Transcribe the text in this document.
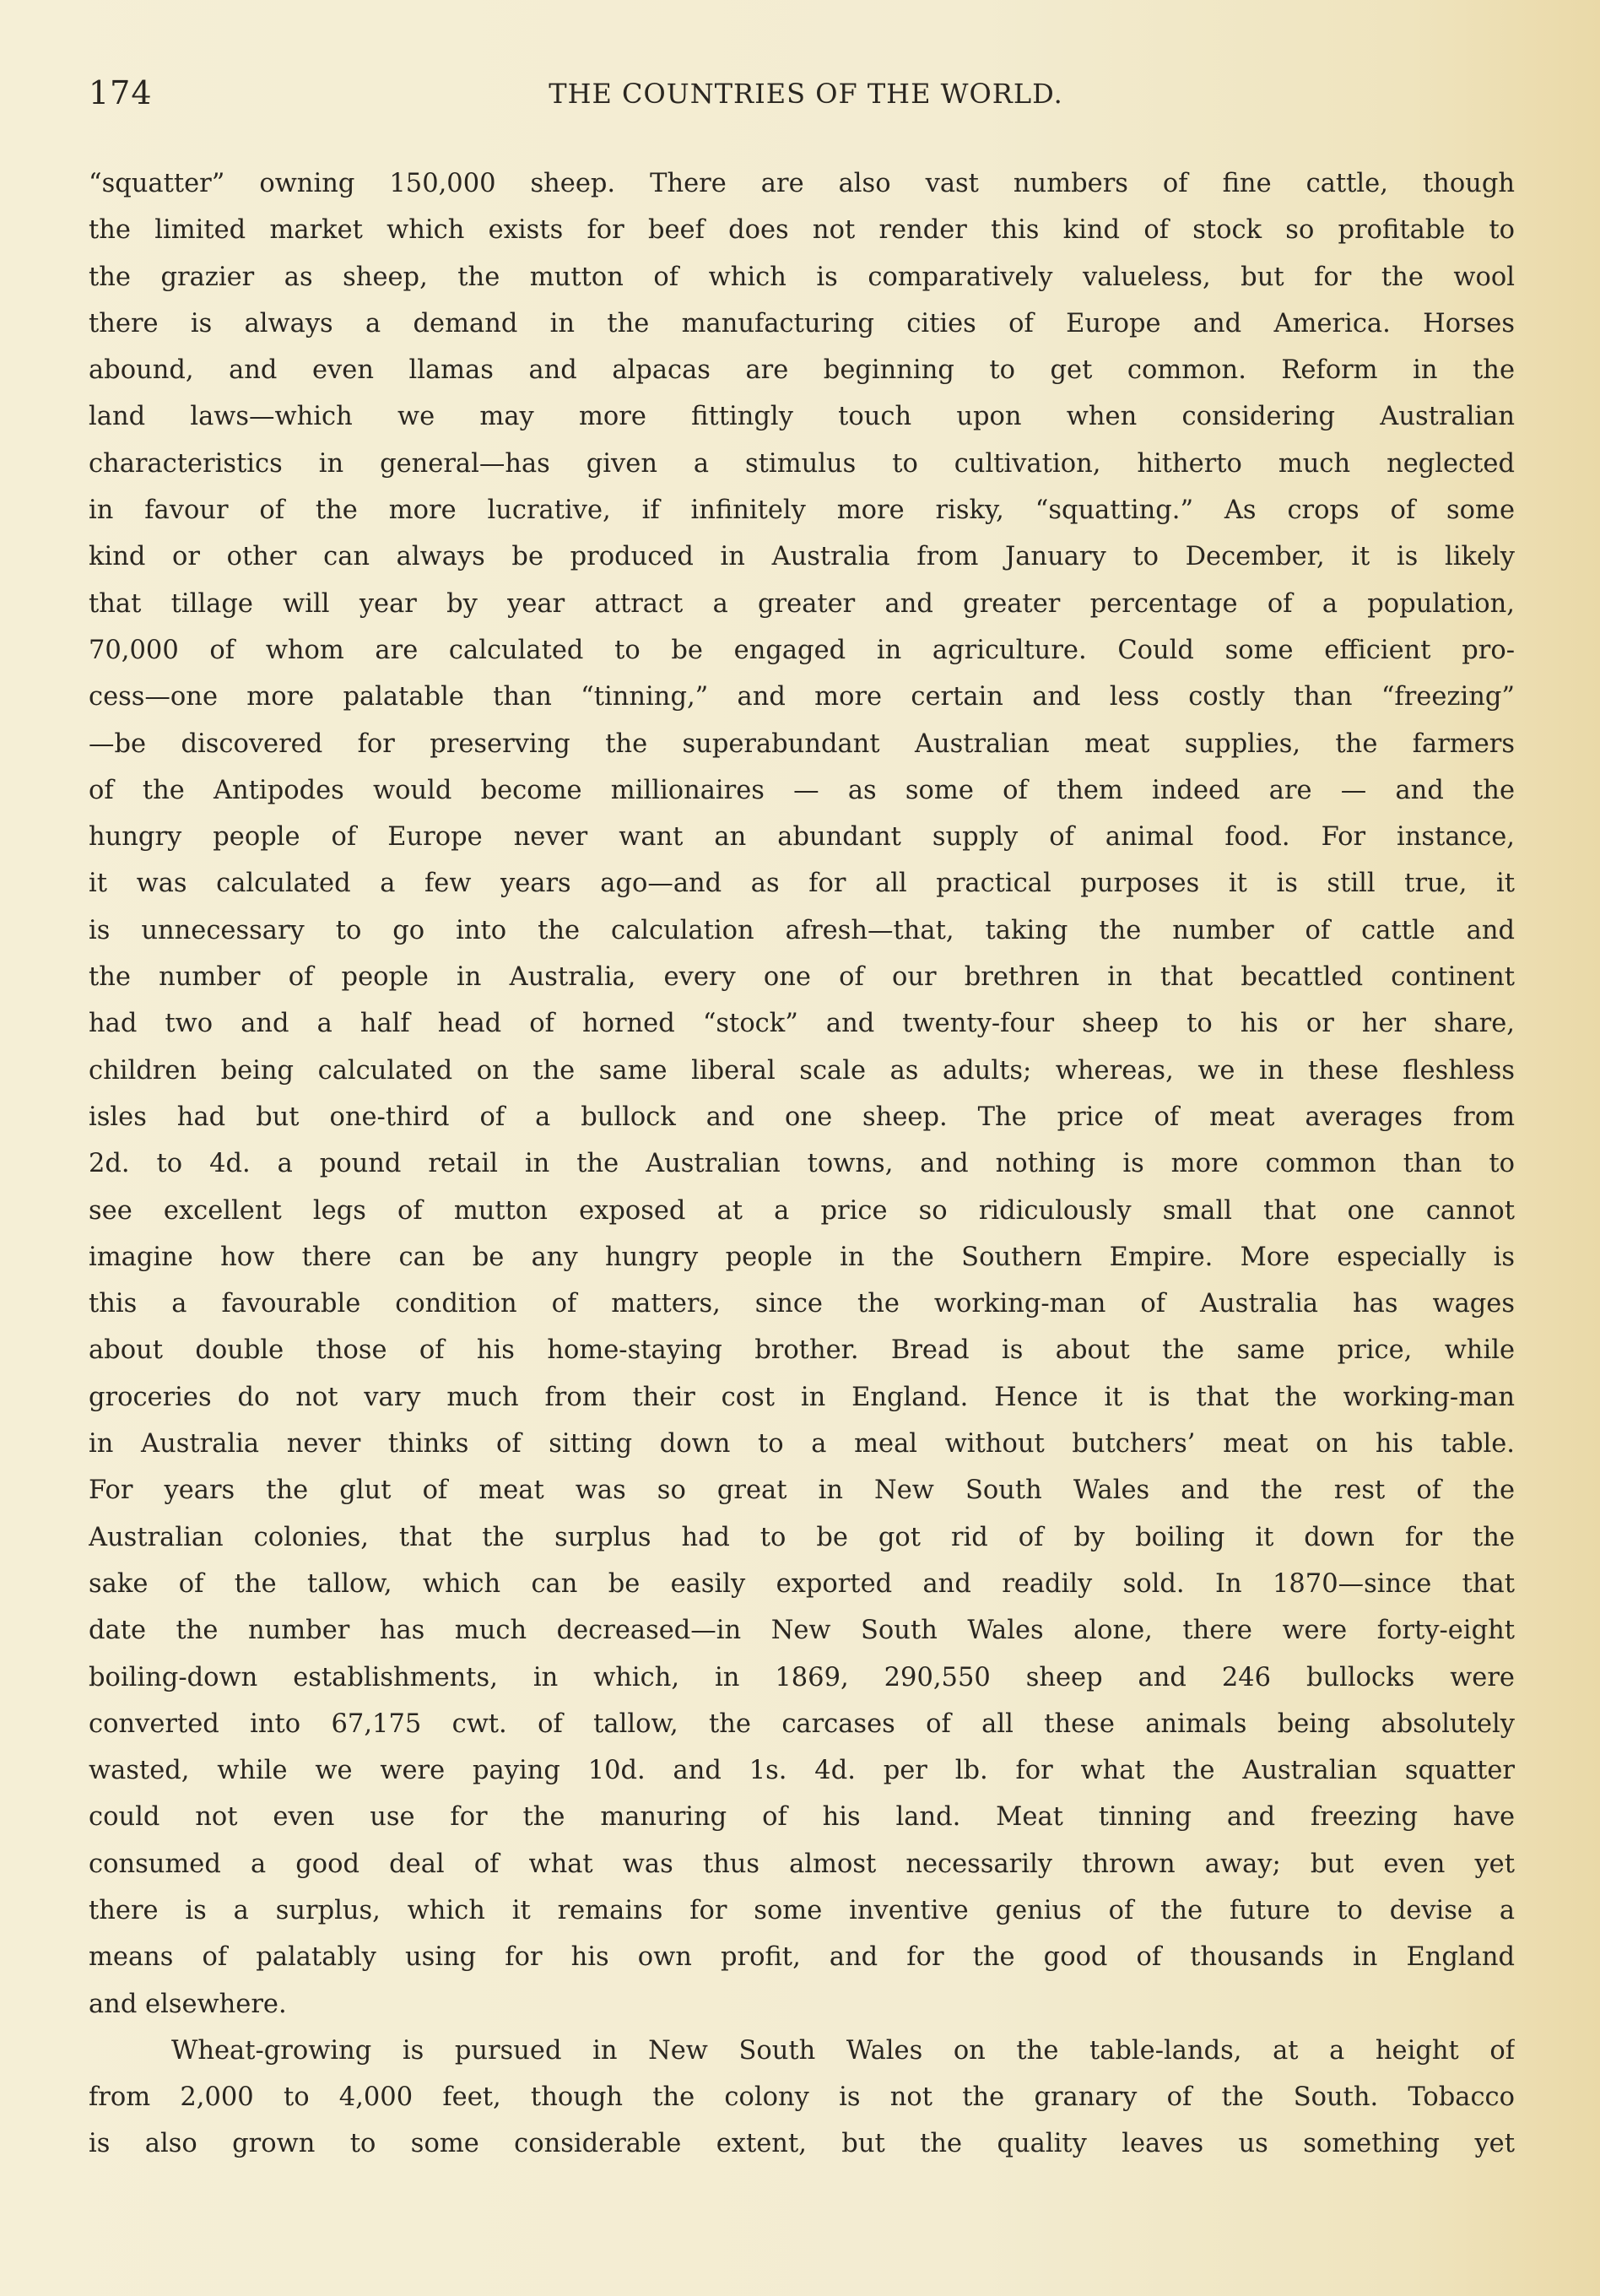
174	THE COUNTRIES OF THE WORLD.
“squatter” owning 150,000 sheep. There are also vast numbers of fine cattle, though
the limited market which exists for beef does not render this kind of stock so profitable to
the grazier as sheep, the mutton of which is comparatively valueless, but for the wool
there is always a demand in the manufacturing cities of Europe and America. Horses
abound, and even llamas and alpacas are beginning to get common. Reform in the
land laws—which we may more fittingly touch upon when considering Australian
characteristics in general—has given a stimulus to cultivation, hitherto much neglected
in favour of the more lucrative, if infinitely more risky, “squatting.” As crops of some
kind or other can always be produced in Australia from January to December, it is likely
that tillage will year by year attract a greater and greater percentage of a population,
70,000 of whom are calculated to be engaged in agriculture. Could some efficient pro-
cess—one more palatable than “tinning,” and more certain and less costly than “freezing”
—be discovered for preserving the superabundant Australian meat supplies, the farmers
of the Antipodes would become millionaires — as some of them indeed are — and the
hungry people of Europe never want an abundant supply of animal food. For instance,
it was calculated a few years ago—and as for all practical purposes it is still true, it
is unnecessary to go into the calculation afresh—that, taking the number of cattle and
the number of people in Australia, every one of our brethren in that becattled continent
had two and a half head of horned “stock” and twenty-four sheep to his or her share,
children being calculated on the same liberal scale as adults; whereas, we in these fleshless
isles had but one-third of a bullock and one sheep. The price of meat averages from
2d. to 4d. a pound retail in the Australian towns, and nothing is more common than to
see excellent legs of mutton exposed at a price so ridiculously small that one cannot
imagine how there can be any hungry people in the Southern Empire. More especially is
this a favourable condition of matters, since the working-man of Australia has wages
about double those of his home-staying brother. Bread is about the same price, while
groceries do not vary much from their cost in England. Hence it is that the working-man
in Australia never thinks of sitting down to a meal without butchers’ meat on his table.
For years the glut of meat was so great in New South Wales and the rest of the
Australian colonies, that the surplus had to be got rid of by boiling it down for the
sake of the tallow, which can be easily exported and readily sold. In 1870—since that
date the number has much decreased—in New South Wales alone, there were forty-eight
boiling-down establishments, in which, in 1869, 290,550 sheep and 246 bullocks were
converted into 67,175 cwt. of tallow, the carcases of all these animals being absolutely
wasted, while we were paying 10d. and 1s. 4d. per lb. for what the Australian squatter
could not even use for the manuring of his land. Meat tinning and freezing have
consumed a good deal of what was thus almost necessarily thrown away; but even yet
there is a surplus, which it remains for some inventive genius of the future to devise a
means of palatably using for his own profit, and for the good of thousands in England
and elsewhere.
Wheat-growing is pursued in New South Wales on the table-lands, at a height of
from 2,000 to 4,000 feet, though the colony is not the granary of the South. Tobacco
is also grown to some considerable extent, but the quality leaves us something yet
